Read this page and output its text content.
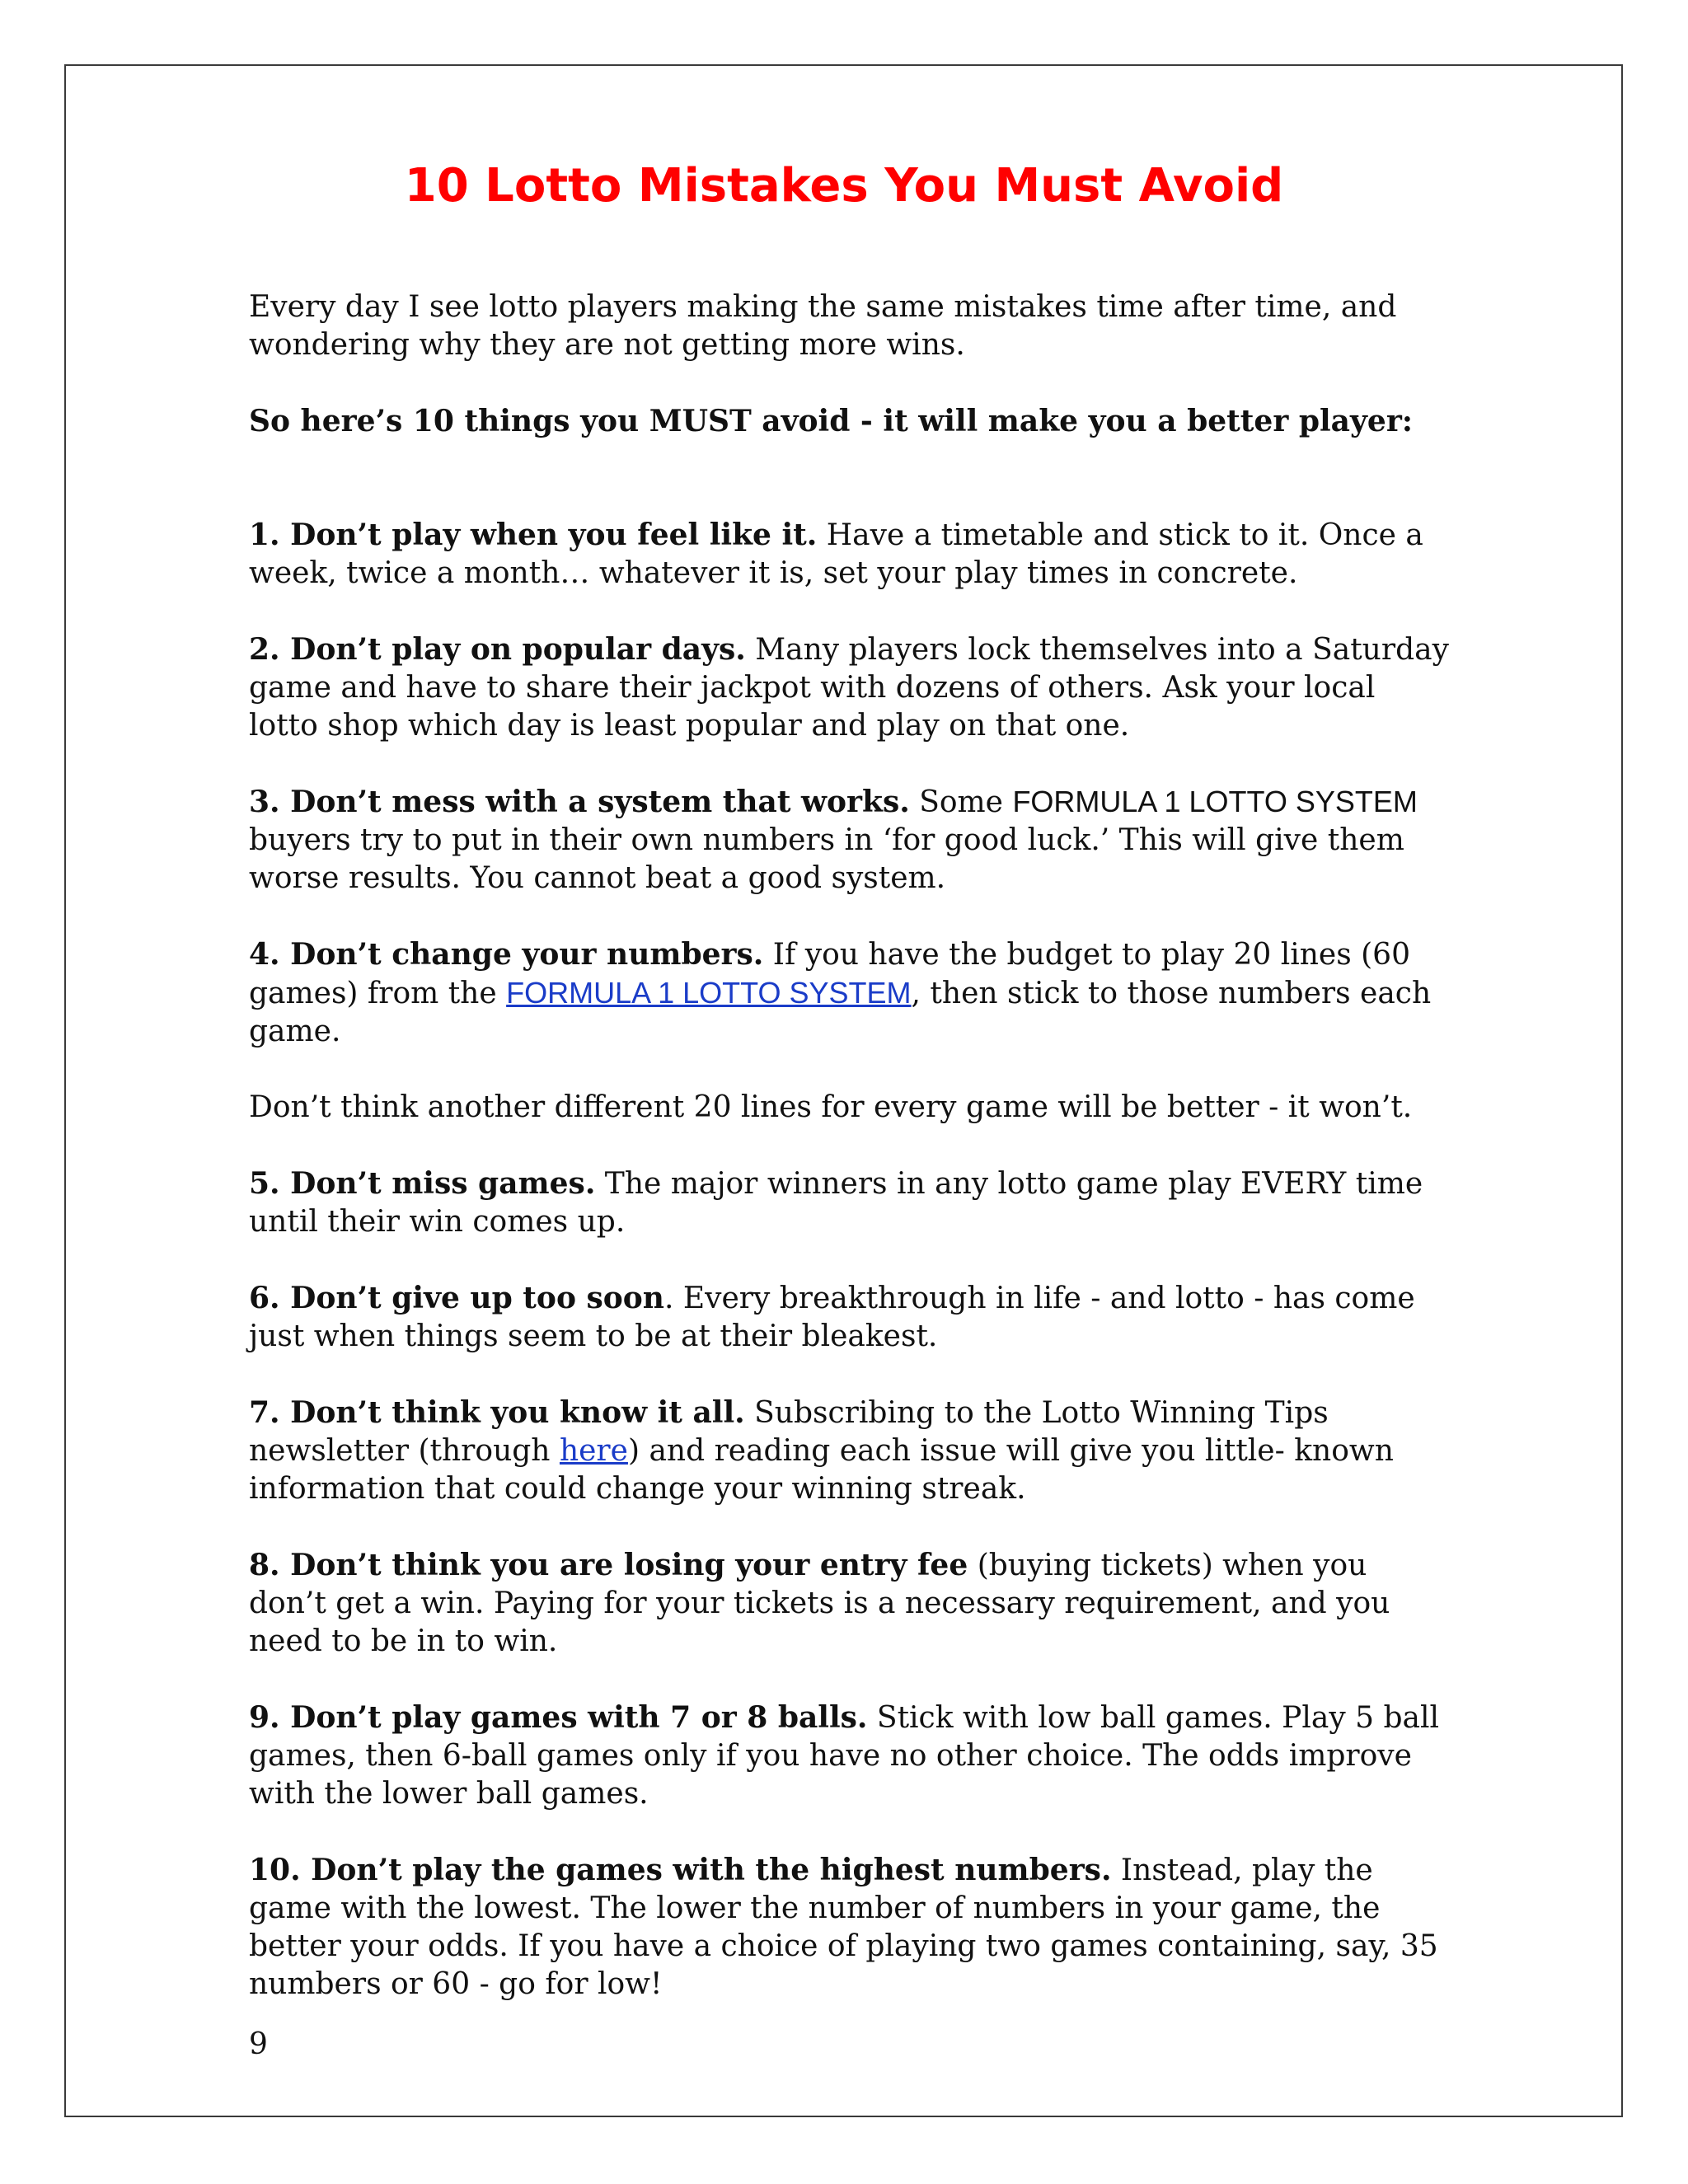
10 Lotto Mistakes You Must Avoid

Every day I see lotto players making the same mistakes time after time, and wondering why they are not getting more wins.

So here’s 10 things you MUST avoid - it will make you a better player:

1. Don’t play when you feel like it. Have a timetable and stick to it. Once a week, twice a month… whatever it is, set your play times in concrete.

2. Don’t play on popular days. Many players lock themselves into a Saturday game and have to share their jackpot with dozens of others. Ask your local lotto shop which day is least popular and play on that one.

3. Don’t mess with a system that works. Some FORMULA 1 LOTTO SYSTEM buyers try to put in their own numbers in ‘for good luck.’ This will give them worse results. You cannot beat a good system.

4. Don’t change your numbers. If you have the budget to play 20 lines (60 games) from the FORMULA 1 LOTTO SYSTEM, then stick to those numbers each game.

Don’t think another different 20 lines for every game will be better - it won’t.

5. Don’t miss games. The major winners in any lotto game play EVERY time until their win comes up.

6. Don’t give up too soon. Every breakthrough in life - and lotto - has come just when things seem to be at their bleakest.

7. Don’t think you know it all. Subscribing to the Lotto Winning Tips newsletter (through here) and reading each issue will give you little- known information that could change your winning streak.

8. Don’t think you are losing your entry fee (buying tickets) when you don’t get a win. Paying for your tickets is a necessary requirement, and you need to be in to win.

9. Don’t play games with 7 or 8 balls. Stick with low ball games. Play 5 ball games, then 6-ball games only if you have no other choice. The odds improve with the lower ball games.

10. Don’t play the games with the highest numbers. Instead, play the game with the lowest. The lower the number of numbers in your game, the better your odds. If you have a choice of playing two games containing, say, 35 numbers or 60 - go for low!

9
